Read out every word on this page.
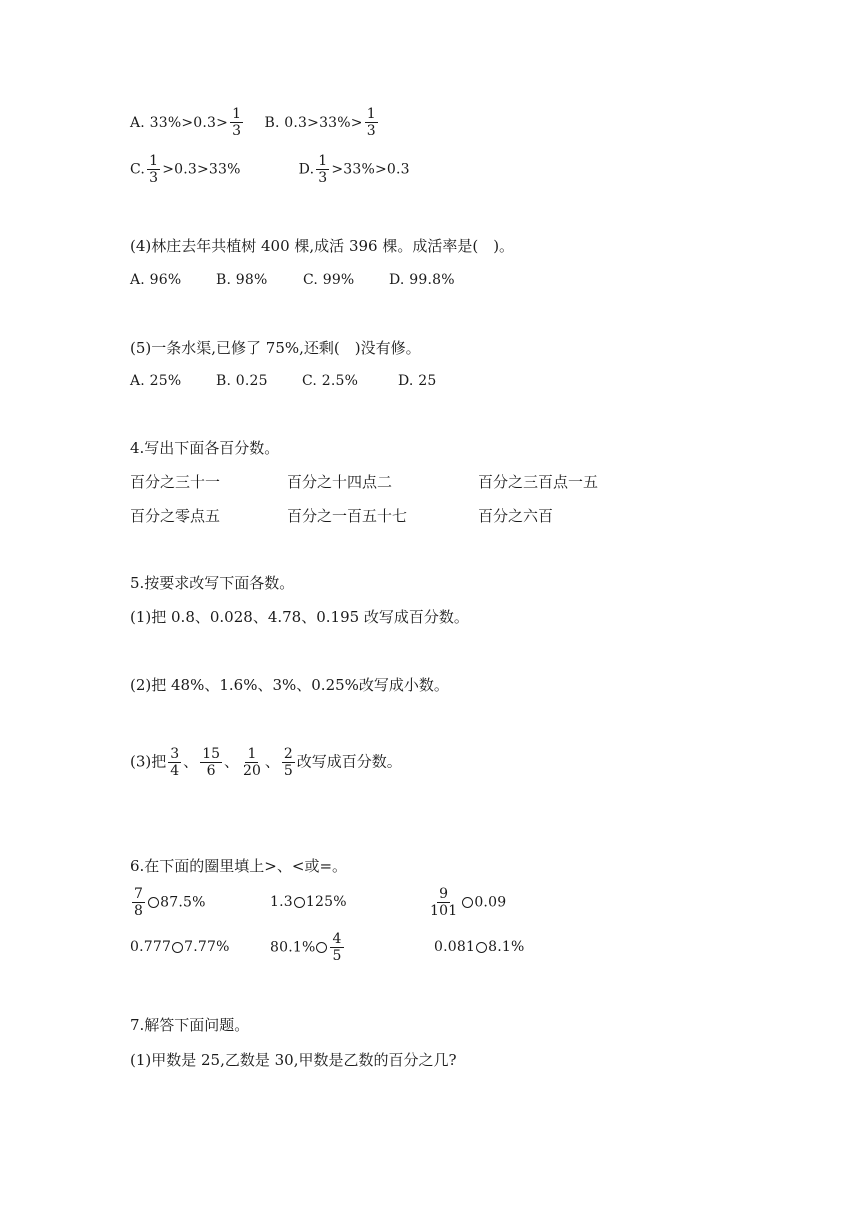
A. $33\%>0.3> \frac{1}{3} B$. $0.3>33\%> \frac{1}{3}$
C. $\frac{1}{3} >0.3>33\%$	D. $\frac{1}{3} >33\%>0.3$
(4)林庄去年共植树 400 棵,成活 396 棵。成活率是(　)。
A. 96% B. 98%	C. 99% D. 99.8%
(5)一条水渠,已修了 75%,还剩(　)没有修。
A. 25% B. 0.25 C. 2.5%	D. 25
4.写出下面各百分数。
百分之三十一	百分之十四点二	百分之三百点一五
百分之零点五	百分之一百五十七	百分之六百
5.按要求改写下面各数。
(1)把 0.8、0.028、4.78、0.195 改写成百分数。
(2)把 48%、1.6%、3%、0.25%改写成小数。
(3)把 $\frac{3}{4}$ 、 $\frac{15}{6}$ 、 $\frac{1}{20}$ 、 $\frac{2}{5}$ 改写成百分数。
6.在下面的圈里填上>、<或=。
$\frac{7}{8} 87.5\%$	1.3 125%	$\frac{9}{101} 0.09$
0.777 7.77%	$80.1\% \frac{4}{5}$	0.081 8.1%
7.解答下面问题。
(1)甲数是 25,乙数是 30,甲数是乙数的百分之几?
